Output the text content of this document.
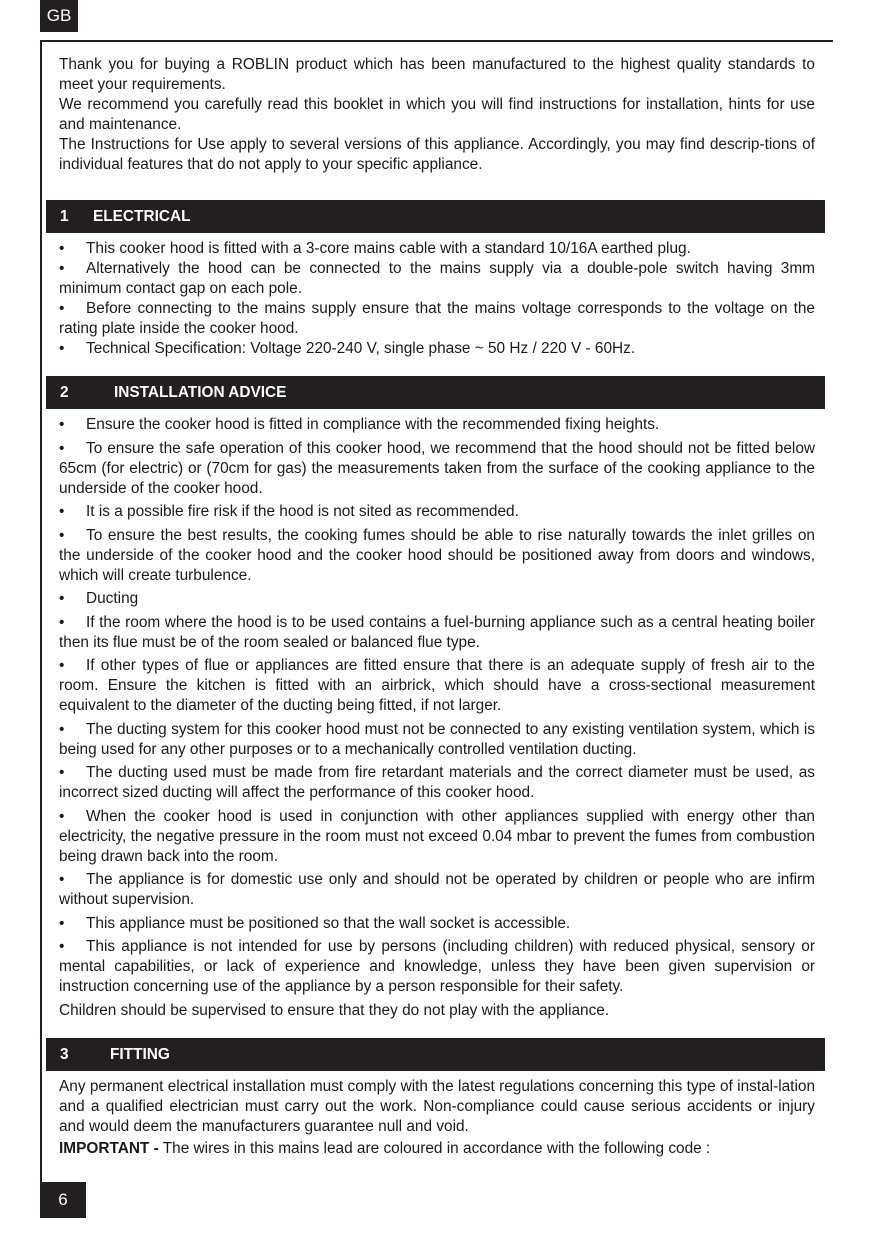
GB

Thank you for buying a ROBLIN product which has been manufactured to the highest quality standards to meet your requirements.

We recommend you carefully read this booklet in which you will find instructions for installation, hints for use and maintenance.

The Instructions for Use apply to several versions of this appliance. Accordingly, you may find descrip-tions of individual features that do not apply to your specific appliance.

1	ELECTRICAL

• This cooker hood is fitted with a 3-core mains cable with a standard 10/16A earthed plug.

• Alternatively the hood can be connected to the mains supply via a double-pole switch having 3mm minimum contact gap on each pole.

• Before connecting to the mains supply ensure that the mains voltage corresponds to the voltage on the rating plate inside the cooker hood.

• Technical Specification: Voltage 220-240 V, single phase ~ 50 Hz / 220 V - 60Hz.

2	INSTALLATION ADVICE

• Ensure the cooker hood is fitted in compliance with the recommended fixing heights.

• To ensure the safe operation of this cooker hood, we recommend that the hood should not be fitted below 65cm (for electric) or (70cm for gas) the measurements taken from the surface of the cooking appliance to the underside of the cooker hood.

• It is a possible fire risk if the hood is not sited as recommended.

• To ensure the best results, the cooking fumes should be able to rise naturally towards the inlet grilles on the underside of the cooker hood and the cooker hood should be positioned away from doors and windows, which will create turbulence.

• Ducting

• If the room where the hood is to be used contains a fuel-burning appliance such as a central heating boiler then its flue must be of the room sealed or balanced flue type.

• If other types of flue or appliances are fitted ensure that there is an adequate supply of fresh air to the room. Ensure the kitchen is fitted with an airbrick, which should have a cross-sectional measurement equivalent to the diameter of the ducting being fitted, if not larger.

• The ducting system for this cooker hood must not be connected to any existing ventilation system, which is being used for any other purposes or to a mechanically controlled ventilation ducting.

• The ducting used must be made from fire retardant materials and the correct diameter must be used, as incorrect sized ducting will affect the performance of this cooker hood.

• When the cooker hood is used in conjunction with other appliances supplied with energy other than electricity, the negative pressure in the room must not exceed 0.04 mbar to prevent the fumes from combustion being drawn back into the room.

• The appliance is for domestic use only and should not be operated by children or people who are infirm without supervision.

• This appliance must be positioned so that the wall socket is accessible.

• This appliance is not intended for use by persons (including children) with reduced physical, sensory or mental capabilities, or lack of experience and knowledge, unless they have been given supervision or instruction concerning use of the appliance by a person responsible for their safety.

Children should be supervised to ensure that they do not play with the appliance.

3	FITTING

Any permanent electrical installation must comply with the latest regulations concerning this type of instal-lation and a qualified electrician must carry out the work. Non-compliance could cause serious accidents or injury and would deem the manufacturers guarantee null and void.

IMPORTANT - The wires in this mains lead are coloured in accordance with the following code :

6
